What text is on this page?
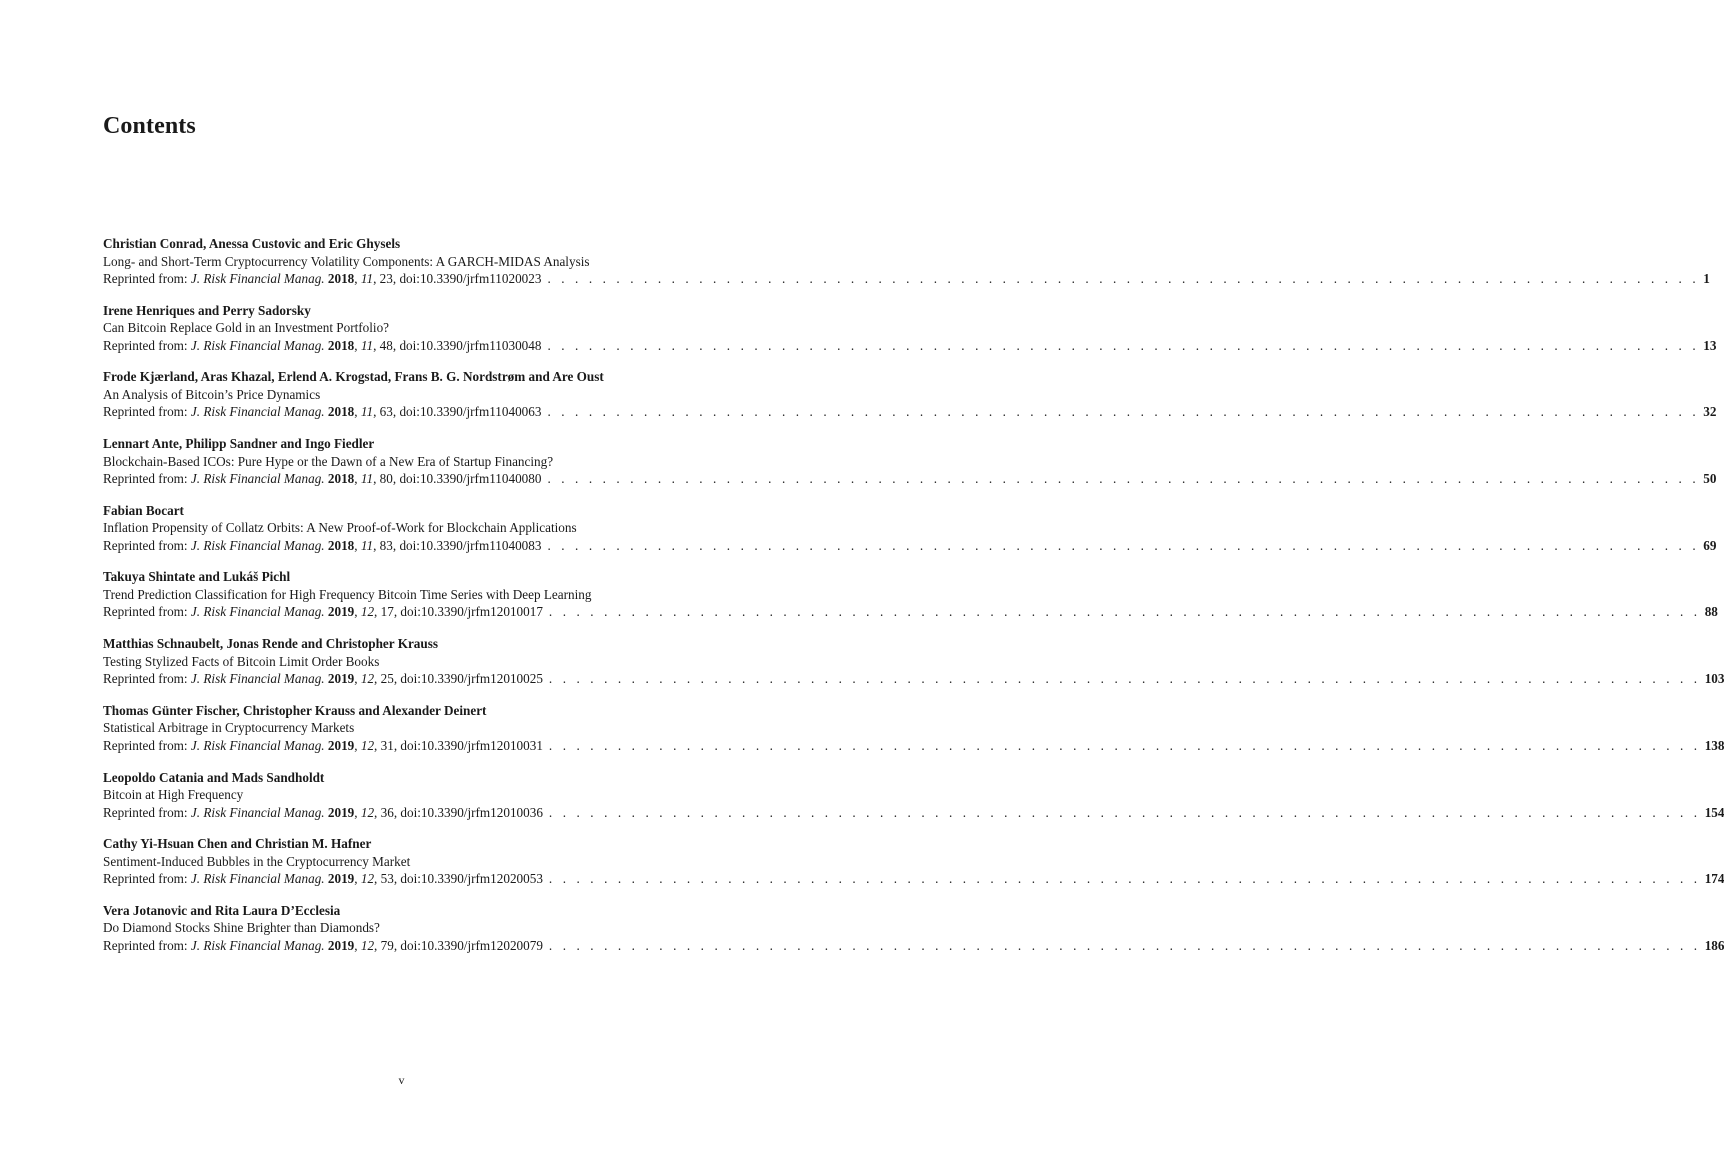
Contents
Christian Conrad, Anessa Custovic and Eric Ghysels
Long- and Short-Term Cryptocurrency Volatility Components: A GARCH-MIDAS Analysis
Reprinted from: J. Risk Financial Manag. 2018, 11, 23, doi:10.3390/jrfm11020023 . . . . . . . . . . . . . . . . . . . . . . . . . . . . . . . . . . . . . . . . . . . . . . . . . . . . . . . . . . . . . . . . . . . . . . . . . . . . . . . . . . . . 1
Irene Henriques and Perry Sadorsky
Can Bitcoin Replace Gold in an Investment Portfolio?
Reprinted from: J. Risk Financial Manag. 2018, 11, 48, doi:10.3390/jrfm11030048 . . . . . . . . . . . . . . . . . . . . . . . . . . . . . . . . . . . . . . . . . . . . . . . . . . . . . . . . . . . . . . . . . . . . . . . . . . . . . . . . . . . . 13
Frode Kjærland, Aras Khazal, Erlend A. Krogstad, Frans B. G. Nordstrøm and Are Oust
An Analysis of Bitcoin’s Price Dynamics
Reprinted from: J. Risk Financial Manag. 2018, 11, 63, doi:10.3390/jrfm11040063 . . . . . . . . . . . . . . . . . . . . . . . . . . . . . . . . . . . . . . . . . . . . . . . . . . . . . . . . . . . . . . . . . . . . . . . . . . . . . . . . . . . . 32
Lennart Ante, Philipp Sandner and Ingo Fiedler
Blockchain-Based ICOs: Pure Hype or the Dawn of a New Era of Startup Financing?
Reprinted from: J. Risk Financial Manag. 2018, 11, 80, doi:10.3390/jrfm11040080 . . . . . . . . . . . . . . . . . . . . . . . . . . . . . . . . . . . . . . . . . . . . . . . . . . . . . . . . . . . . . . . . . . . . . . . . . . . . . . . . . . . . 50
Fabian Bocart
Inflation Propensity of Collatz Orbits: A New Proof-of-Work for Blockchain Applications
Reprinted from: J. Risk Financial Manag. 2018, 11, 83, doi:10.3390/jrfm11040083 . . . . . . . . . . . . . . . . . . . . . . . . . . . . . . . . . . . . . . . . . . . . . . . . . . . . . . . . . . . . . . . . . . . . . . . . . . . . . . . . . . . . 69
Takuya Shintate and Lukáš Pichl
Trend Prediction Classification for High Frequency Bitcoin Time Series with Deep Learning
Reprinted from: J. Risk Financial Manag. 2019, 12, 17, doi:10.3390/jrfm12010017 . . . . . . . . . . . . . . . . . . . . . . . . . . . . . . . . . . . . . . . . . . . . . . . . . . . . . . . . . . . . . . . . . . . . . . . . . . . . . . . . . . . . 88
Matthias Schnaubelt, Jonas Rende and Christopher Krauss
Testing Stylized Facts of Bitcoin Limit Order Books
Reprinted from: J. Risk Financial Manag. 2019, 12, 25, doi:10.3390/jrfm12010025 . . . . . . . . . . . . . . . . . . . . . . . . . . . . . . . . . . . . . . . . . . . . . . . . . . . . . . . . . . . . . . . . . . . . . . . . . . . . . . . . . . . . 103
Thomas Günter Fischer, Christopher Krauss and Alexander Deinert
Statistical Arbitrage in Cryptocurrency Markets
Reprinted from: J. Risk Financial Manag. 2019, 12, 31, doi:10.3390/jrfm12010031 . . . . . . . . . . . . . . . . . . . . . . . . . . . . . . . . . . . . . . . . . . . . . . . . . . . . . . . . . . . . . . . . . . . . . . . . . . . . . . . . . . . . 138
Leopoldo Catania and Mads Sandholdt
Bitcoin at High Frequency
Reprinted from: J. Risk Financial Manag. 2019, 12, 36, doi:10.3390/jrfm12010036 . . . . . . . . . . . . . . . . . . . . . . . . . . . . . . . . . . . . . . . . . . . . . . . . . . . . . . . . . . . . . . . . . . . . . . . . . . . . . . . . . . . . 154
Cathy Yi-Hsuan Chen and Christian M. Hafner
Sentiment-Induced Bubbles in the Cryptocurrency Market
Reprinted from: J. Risk Financial Manag. 2019, 12, 53, doi:10.3390/jrfm12020053 . . . . . . . . . . . . . . . . . . . . . . . . . . . . . . . . . . . . . . . . . . . . . . . . . . . . . . . . . . . . . . . . . . . . . . . . . . . . . . . . . . . . 174
Vera Jotanovic and Rita Laura D’Ecclesia
Do Diamond Stocks Shine Brighter than Diamonds?
Reprinted from: J. Risk Financial Manag. 2019, 12, 79, doi:10.3390/jrfm12020079 . . . . . . . . . . . . . . . . . . . . . . . . . . . . . . . . . . . . . . . . . . . . . . . . . . . . . . . . . . . . . . . . . . . . . . . . . . . . . . . . . . . . 186
v
